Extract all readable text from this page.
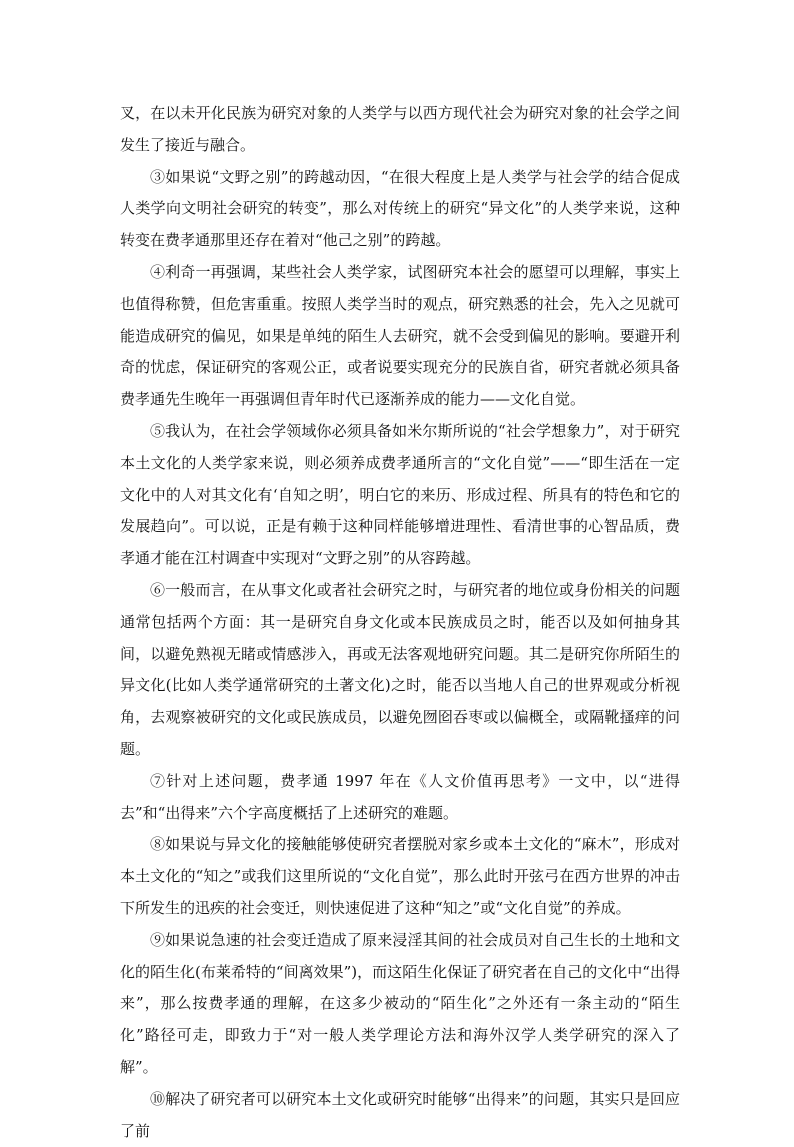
叉，在以未开化民族为研究对象的人类学与以西方现代社会为研究对象的社会学之间发生了接近与融合。

③如果说“文野之别”的跨越动因，“在很大程度上是人类学与社会学的结合促成人类学向文明社会研究的转变”，那么对传统上的研究“异文化”的人类学来说，这种转变在费孝通那里还存在着对“他己之别”的跨越。

④利奇一再强调，某些社会人类学家，试图研究本社会的愿望可以理解，事实上也值得称赞，但危害重重。按照人类学当时的观点，研究熟悉的社会，先入之见就可能造成研究的偏见，如果是单纯的陌生人去研究，就不会受到偏见的影响。要避开利奇的忧虑，保证研究的客观公正，或者说要实现充分的民族自省，研究者就必须具备费孝通先生晚年一再强调但青年时代已逐渐养成的能力——文化自觉。

⑤我认为，在社会学领域你必须具备如米尔斯所说的“社会学想象力”，对于研究本土文化的人类学家来说，则必须养成费孝通所言的“文化自觉”——“即生活在一定文化中的人对其文化有‘自知之明’，明白它的来历、形成过程、所具有的特色和它的发展趋向”。可以说，正是有赖于这种同样能够增进理性、看清世事的心智品质，费孝通才能在江村调查中实现对“文野之别”的从容跨越。

⑥一般而言，在从事文化或者社会研究之时，与研究者的地位或身份相关的问题通常包括两个方面：其一是研究自身文化或本民族成员之时，能否以及如何抽身其间，以避免熟视无睹或情感涉入，再或无法客观地研究问题。其二是研究你所陌生的异文化(比如人类学通常研究的土著文化)之时，能否以当地人自己的世界观或分析视角，去观察被研究的文化或民族成员，以避免囫囵吞枣或以偏概全，或隔靴搔痒的问题。

⑦针对上述问题，费孝通 1997 年在《人文价值再思考》一文中，以“进得去”和“出得来”六个字高度概括了上述研究的难题。

⑧如果说与异文化的接触能够使研究者摆脱对家乡或本土文化的“麻木”，形成对本土文化的“知之”或我们这里所说的“文化自觉”，那么此时开弦弓在西方世界的冲击下所发生的迅疾的社会变迁，则快速促进了这种“知之”或“文化自觉”的养成。

⑨如果说急速的社会变迁造成了原来浸淫其间的社会成员对自己生长的土地和文化的陌生化(布莱希特的“间离效果”)，而这陌生化保证了研究者在自己的文化中“出得来”，那么按费孝通的理解，在这多少被动的“陌生化”之外还有一条主动的“陌生化”路径可走，即致力于“对一般人类学理论方法和海外汉学人类学研究的深入了解”。

⑩解决了研究者可以研究本土文化或研究时能够“出得来”的问题，其实只是回应了前
